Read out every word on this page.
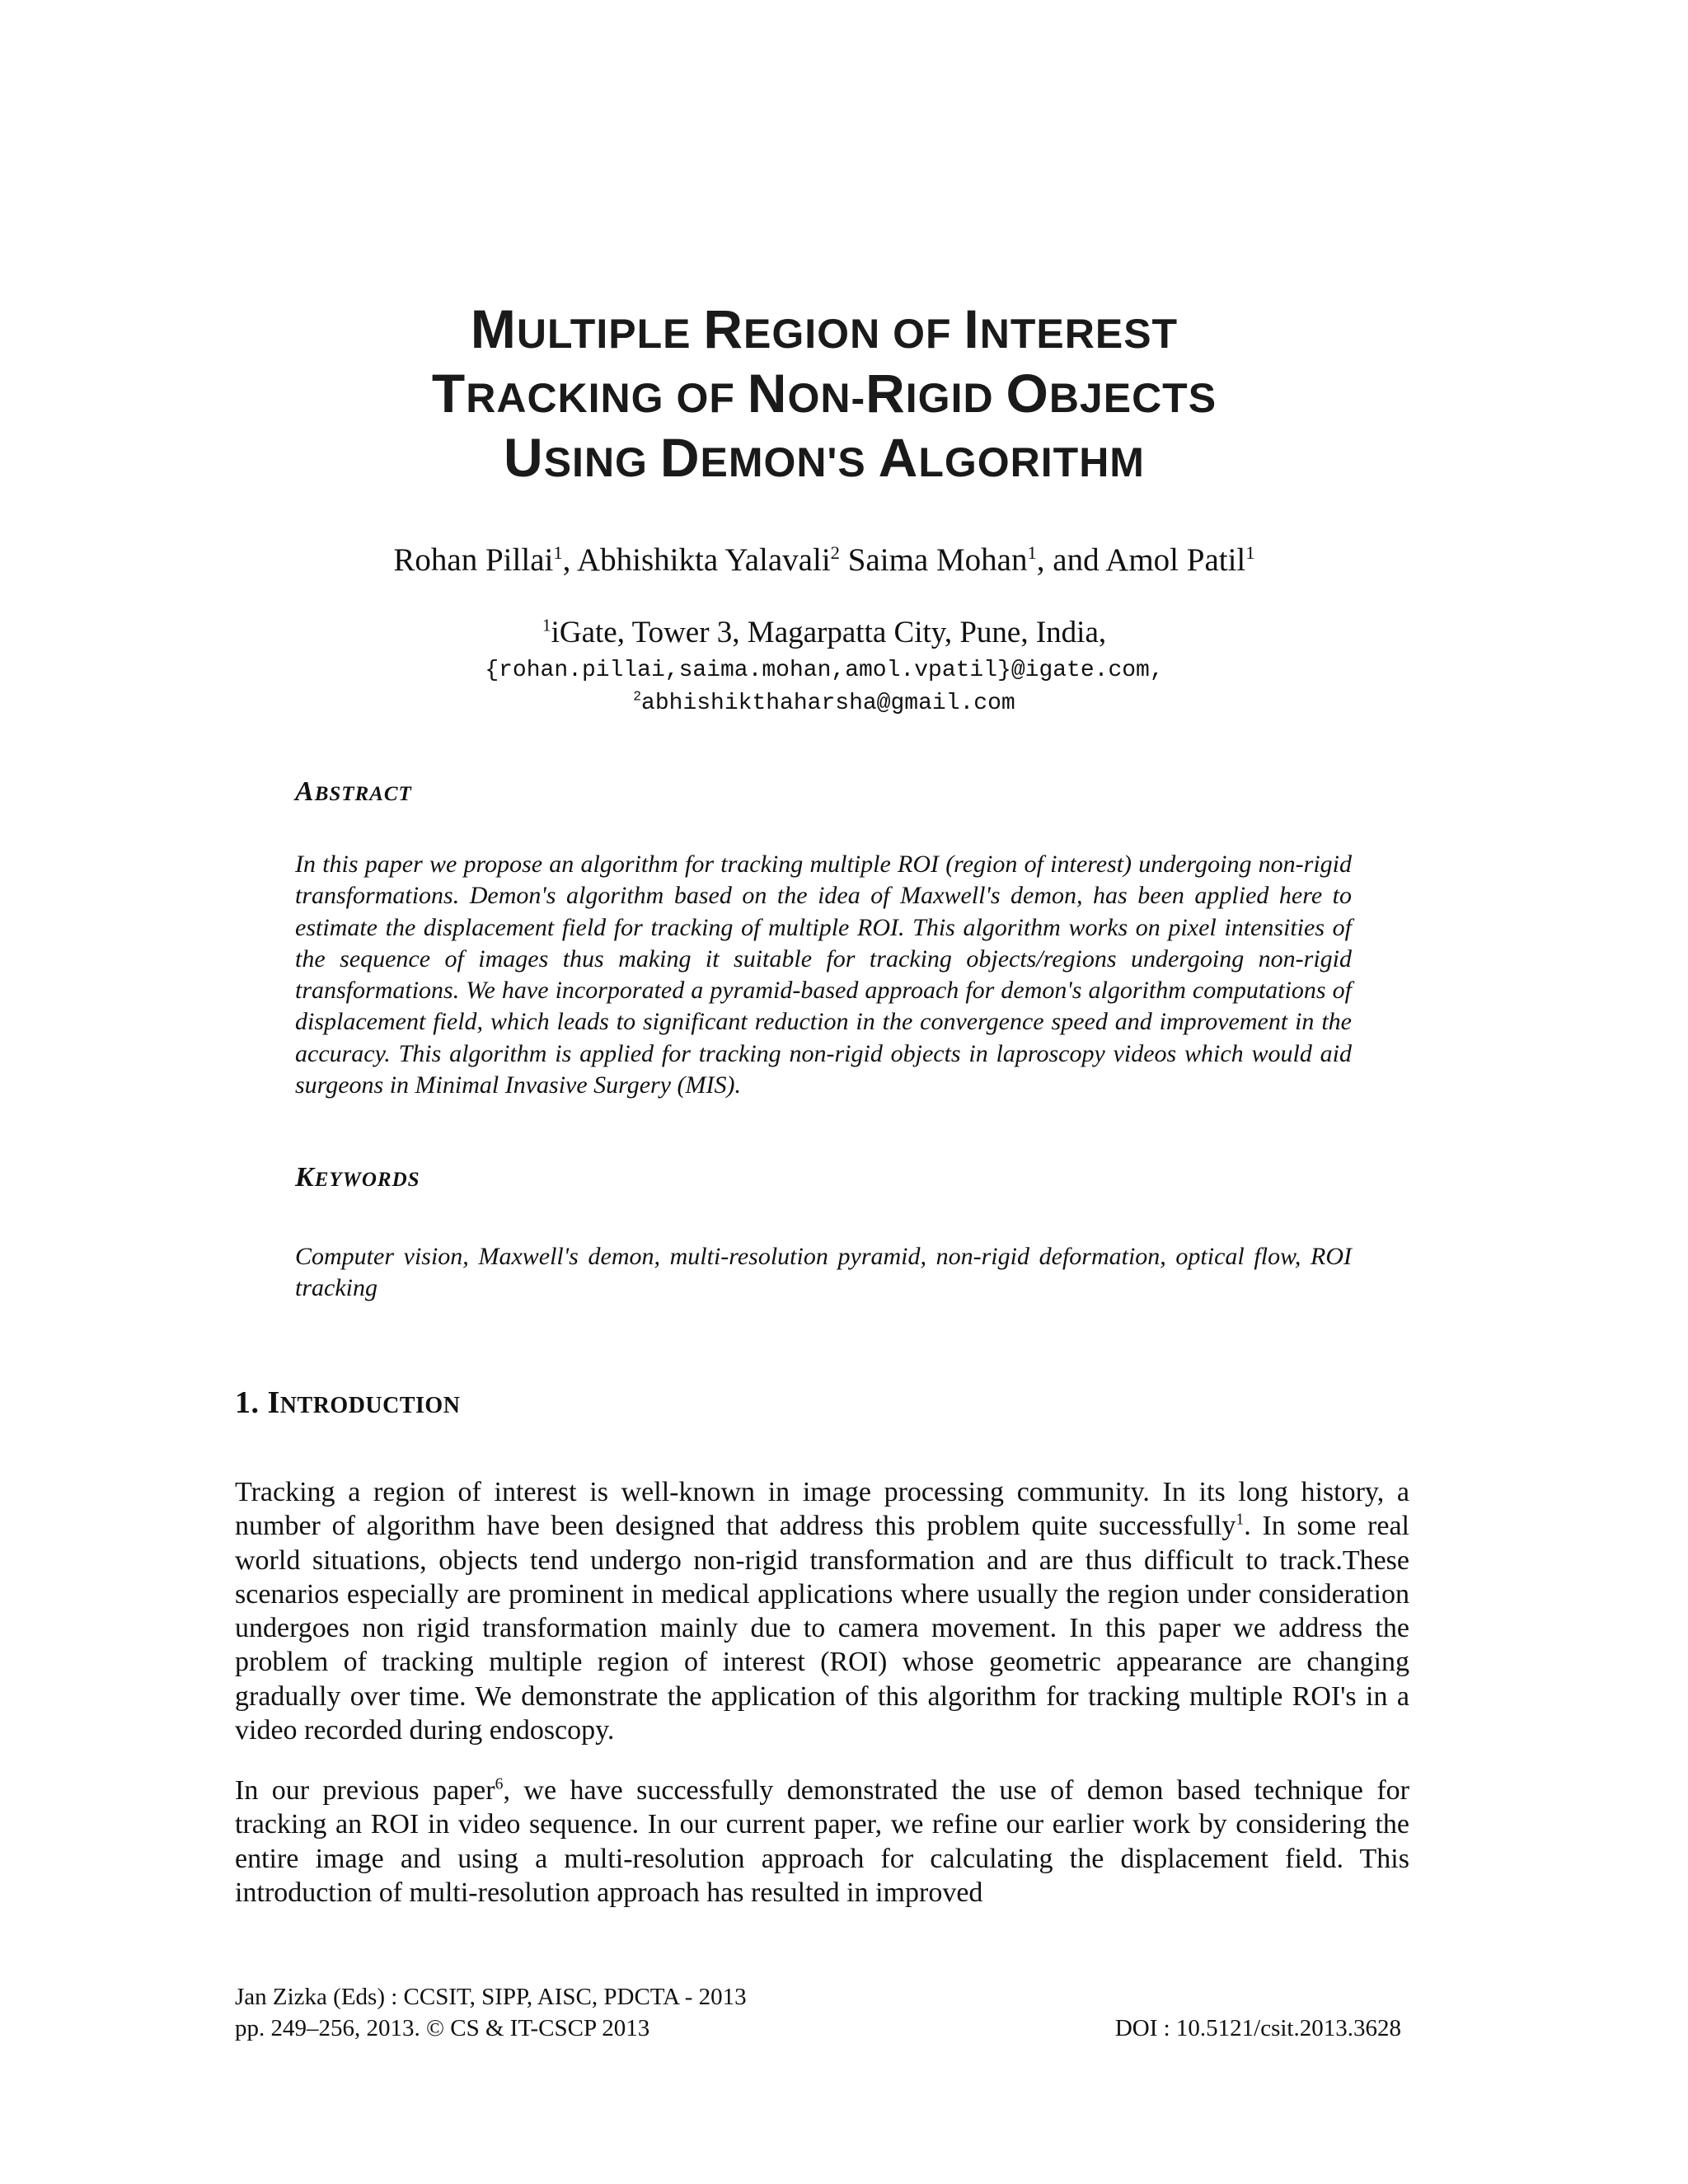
MULTIPLE REGION OF INTEREST
TRACKING OF NON-RIGID OBJECTS
USING DEMON'S ALGORITHM
Rohan Pillai$^1$, Abhishikta Yalavali$^2$ Saima Mohan$^1$, and Amol Patil$^1$
$^1$iGate, Tower 3, Magarpatta City, Pune, India,
{rohan.pillai,saima.mohan,amol.vpatil}@igate.com,
$^2$abhishikthaharsha@gmail.com
ABSTRACT
In this paper we propose an algorithm for tracking multiple ROI (region of interest) undergoing non-rigid transformations. Demon's algorithm based on the idea of Maxwell's demon, has been applied here to estimate the displacement field for tracking of multiple ROI. This algorithm works on pixel intensities of the sequence of images thus making it suitable for tracking objects/regions undergoing non-rigid transformations. We have incorporated a pyramid-based approach for demon's algorithm computations of displacement field, which leads to significant reduction in the convergence speed and improvement in the accuracy. This algorithm is applied for tracking non-rigid objects in laproscopy videos which would aid surgeons in Minimal Invasive Surgery (MIS).
KEYWORDS
Computer vision, Maxwell's demon, multi-resolution pyramid, non-rigid deformation, optical flow, ROI tracking
1. INTRODUCTION
Tracking a region of interest is well-known in image processing community. In its long history, a number of algorithm have been designed that address this problem quite successfully$^1$. In some real world situations, objects tend undergo non-rigid transformation and are thus difficult to track.These scenarios especially are prominent in medical applications where usually the region under consideration undergoes non rigid transformation mainly due to camera movement. In this paper we address the problem of tracking multiple region of interest (ROI) whose geometric appearance are changing gradually over time. We demonstrate the application of this algorithm for tracking multiple ROI's in a video recorded during endoscopy.
In our previous paper$^6$, we have successfully demonstrated the use of demon based technique for tracking an ROI in video sequence. In our current paper, we refine our earlier work by considering the entire image and using a multi-resolution approach for calculating the displacement field. This introduction of multi-resolution approach has resulted in improved
Jan Zizka (Eds) : CCSIT, SIPP, AISC, PDCTA - 2013
pp. 249–256, 2013. © CS & IT-CSCP 2013	DOI : 10.5121/csit.2013.3628
